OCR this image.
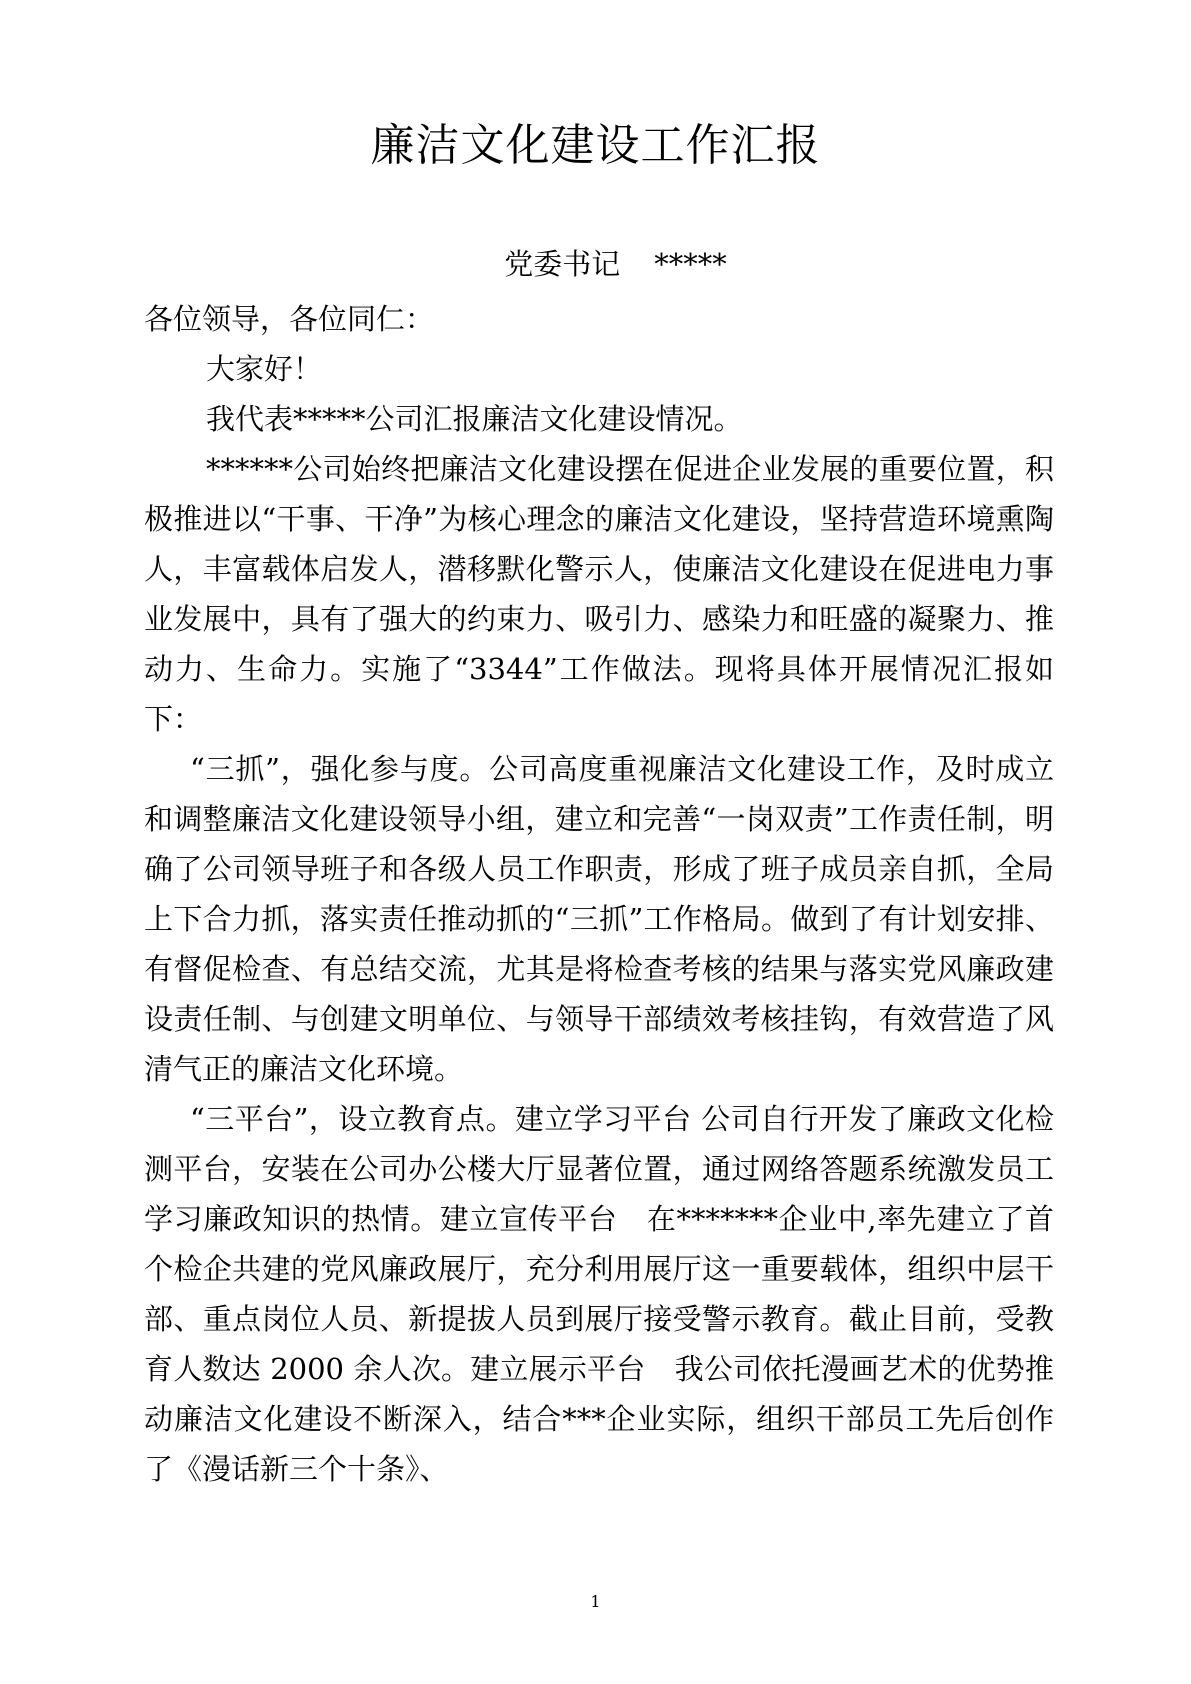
廉洁文化建设工作汇报
党委书记 *****

各位领导，各位同仁：

大家好！

我代表*****公司汇报廉洁文化建设情况。

******公司始终把廉洁文化建设摆在促进企业发展的重要位置，积极推进以“干事、干净”为核心理念的廉洁文化建设，坚持营造环境熏陶人，丰富载体启发人，潜移默化警示人，使廉洁文化建设在促进电力事业发展中，具有了强大的约束力、吸引力、感染力和旺盛的凝聚力、推动力、生命力。实施了“3344”工作做法。现将具体开展情况汇报如下：

“三抓”，强化参与度。公司高度重视廉洁文化建设工作，及时成立和调整廉洁文化建设领导小组，建立和完善“一岗双责”工作责任制，明确了公司领导班子和各级人员工作职责，形成了班子成员亲自抓，全局上下合力抓，落实责任推动抓的“三抓”工作格局。做到了有计划安排、有督促检查、有总结交流，尤其是将检查考核的结果与落实党风廉政建设责任制、与创建文明单位、与领导干部绩效考核挂钩，有效营造了风清气正的廉洁文化环境。

“三平台”，设立教育点。建立学习平台 公司自行开发了廉政文化检测平台，安装在公司办公楼大厅显著位置，通过网络答题系统激发员工学习廉政知识的热情。建立宣传平台　在*******企业中,率先建立了首个检企共建的党风廉政展厅，充分利用展厅这一重要载体，组织中层干部、重点岗位人员、新提拔人员到展厅接受警示教育。截止目前，受教育人数达 2000 余人次。建立展示平台　我公司依托漫画艺术的优势推动廉洁文化建设不断深入，结合***企业实际，组织干部员工先后创作了《漫话新三个十条》、

1
